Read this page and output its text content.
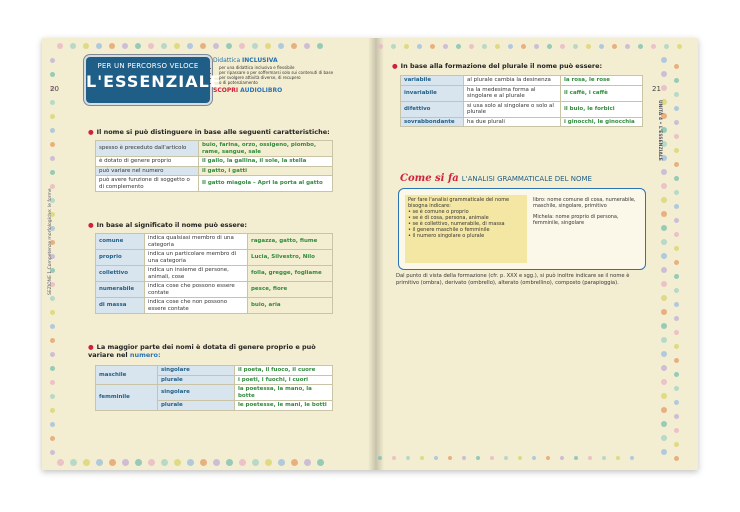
20
SEZIONE 1 Competenze morfologiche: le forme
PER UN PERCORSO VELOCE
L'ESSENZIALE
Didattica INCLUSIVA
• per una didattica inclusiva e flessibile
• per ripassare o per soffermarsi solo sui contenuti di base
• per svolgere attività diverse, di recupero
• o di potenziamento
SCOPRI AUDIOLIBRO
● Il nome si può distinguere in base alle seguenti caratteristiche:
spesso è preceduto dall'articolo	buio, farina, orzo, ossigeno, piombo, rame, sangue, sale
è dotato di genere proprio	il gallo, la gallina, il sole, la stella
può variare nel numero	il gatto, i gatti
può avere funzione di soggetto o di complemento	Il gatto miagola – Apri la porta al gatto
● In base al significato il nome può essere:
comune	indica qualsiasi membro di una categoria	ragazza, gatto, fiume
proprio	indica un particolare membro di una categoria	Lucia, Silvestro, Nilo
collettivo	indica un insieme di persone, animali, cose	folla, gregge, fogliame
numerabile	indica cose che possono essere contate	pesce, fiore
di massa	indica cose che non possono essere contate	buio, aria
● La maggior parte dei nomi è dotata di genere proprio e può variare nel numero:
maschile	singolare	il poeta, il fuoco, il cuore
	plurale	i poeti, i fuochi, i cuori
femminile	singolare	la poetessa, la mano, la botte
	plurale	le poetesse, le mani, le botti
21
UNITÀ 4 • L'ESSENZIALE
● In base alla formazione del plurale il nome può essere:
variabile	al plurale cambia la desinenza	la rosa, le rose
invariabile	ha la medesima forma al singolare e al plurale	il caffè, i caffè
difettivo	si usa solo al singolare o solo al plurale	il buio, le forbici
sovrabbondante	ha due plurali	i ginocchi, le ginocchia
Come si fa L'ANALISI GRAMMATICALE DEL NOME
Per fare l'analisi grammaticale del nome bisogna indicare:
• se è comune o proprio
• se è di cosa, persona, animale
• se è collettivo, numerabile, di massa
• il genere maschile o femminile
• il numero singolare o plurale
libro: nome comune di cosa, numerabile, maschile, singolare, primitivo
Michela: nome proprio di persona, femminile, singolare
Dal punto di vista della formazione (cfr. p. XXX e sgg.), si può inoltre indicare se il nome è primitivo (ombra), derivato (ombrello), alterato (ombrellino), composto (parapioggia).
